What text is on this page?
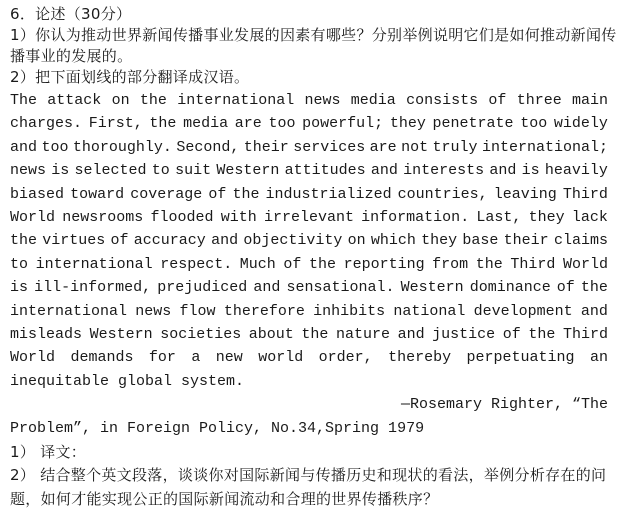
6．论述（30分）
1）你认为推动世界新闻传播事业发展的因素有哪些？分别举例说明它们是如何推动新闻传
播事业的发展的。
2）把下面划线的部分翻译成汉语。
The attack on the international news media consists of three main
charges. First, the media are too powerful; they penetrate too widely
and too thoroughly. Second, their services are not truly international;
news is selected to suit Western attitudes and interests and is heavily
biased toward coverage of the industrialized countries, leaving Third
World newsrooms flooded with irrelevant information. Last, they lack
the virtues of accuracy and objectivity on which they base their claims
to international respect. Much of the reporting from the Third World
is ill-informed, prejudiced and sensational. Western dominance of the
international news flow therefore inhibits national development and
misleads Western societies about the nature and justice of the Third
World demands for a new world order, thereby perpetuating an
inequitable global system.
—Rosemary Righter, “The
Problem”, in Foreign Policy, No.34,Spring 1979
1） 译文：
2） 结合整个英文段落，谈谈你对国际新闻与传播历史和现状的看法，举例分析存在的问
题，如何才能实现公正的国际新闻流动和合理的世界传播秩序？
